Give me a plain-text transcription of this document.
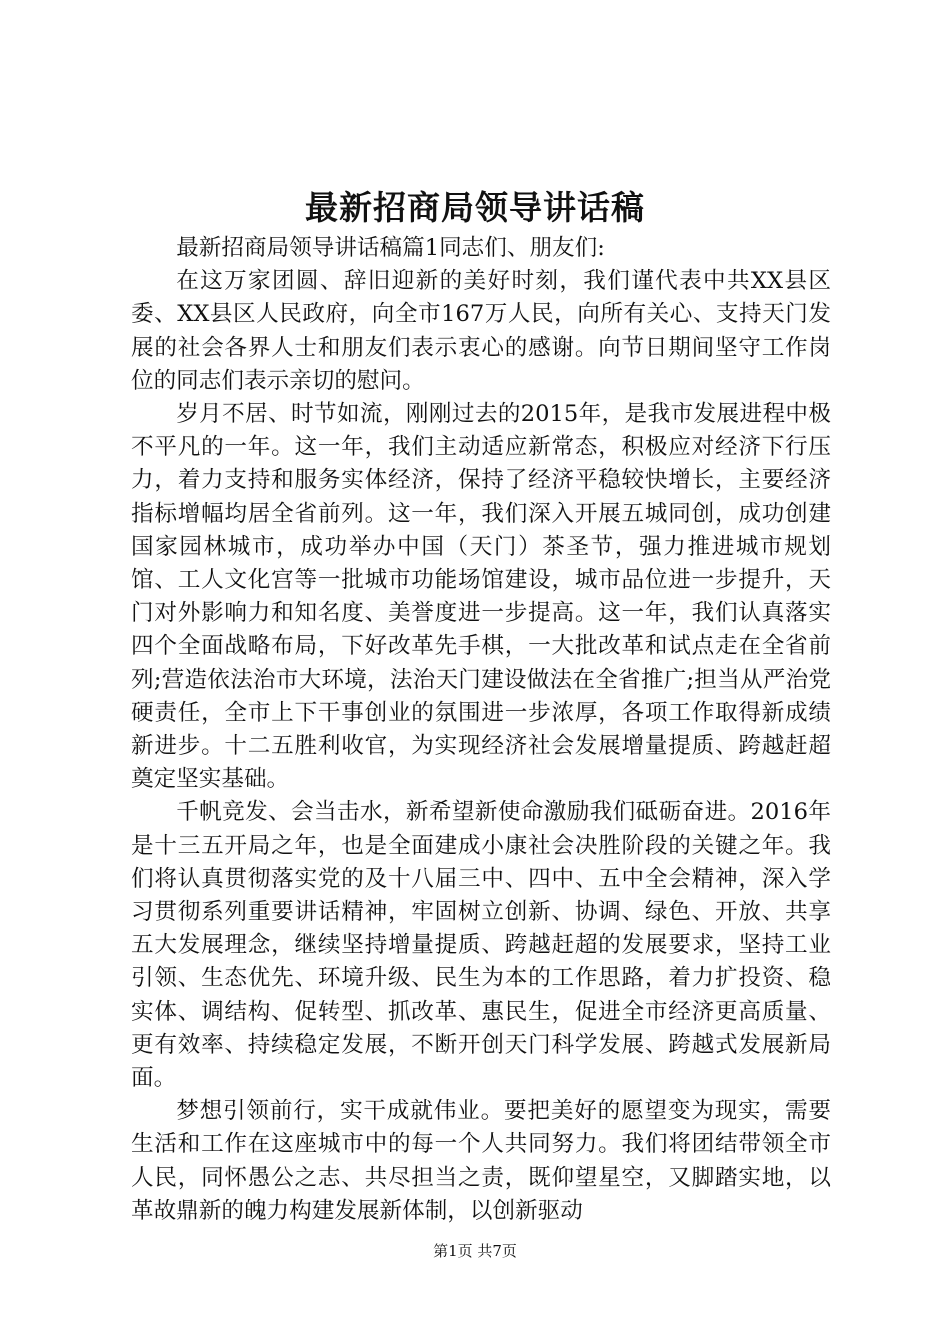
最新招商局领导讲话稿

最新招商局领导讲话稿篇1同志们、朋友们:

在这万家团圆、辞旧迎新的美好时刻，我们谨代表中共XX县区委、XX县区人民政府，向全市167万人民，向所有关心、支持天门发展的社会各界人士和朋友们表示衷心的感谢。向节日期间坚守工作岗位的同志们表示亲切的慰问。

岁月不居、时节如流，刚刚过去的2015年，是我市发展进程中极不平凡的一年。这一年，我们主动适应新常态，积极应对经济下行压力，着力支持和服务实体经济，保持了经济平稳较快增长，主要经济指标增幅均居全省前列。这一年，我们深入开展五城同创，成功创建国家园林城市，成功举办中国（天门）茶圣节，强力推进城市规划馆、工人文化宫等一批城市功能场馆建设，城市品位进一步提升，天门对外影响力和知名度、美誉度进一步提高。这一年，我们认真落实四个全面战略布局，下好改革先手棋，一大批改革和试点走在全省前列;营造依法治市大环境，法治天门建设做法在全省推广;担当从严治党硬责任，全市上下干事创业的氛围进一步浓厚，各项工作取得新成绩新进步。十二五胜利收官，为实现经济社会发展增量提质、跨越赶超奠定坚实基础。

千帆竞发、会当击水，新希望新使命激励我们砥砺奋进。2016年是十三五开局之年，也是全面建成小康社会决胜阶段的关键之年。我们将认真贯彻落实党的及十八届三中、四中、五中全会精神，深入学习贯彻系列重要讲话精神，牢固树立创新、协调、绿色、开放、共享五大发展理念，继续坚持增量提质、跨越赶超的发展要求，坚持工业引领、生态优先、环境升级、民生为本的工作思路，着力扩投资、稳实体、调结构、促转型、抓改革、惠民生，促进全市经济更高质量、更有效率、持续稳定发展，不断开创天门科学发展、跨越式发展新局面。

梦想引领前行，实干成就伟业。要把美好的愿望变为现实，需要生活和工作在这座城市中的每一个人共同努力。我们将团结带领全市人民，同怀愚公之志、共尽担当之责，既仰望星空，又脚踏实地，以革故鼎新的魄力构建发展新体制，以创新驱动

第1页 共7页
